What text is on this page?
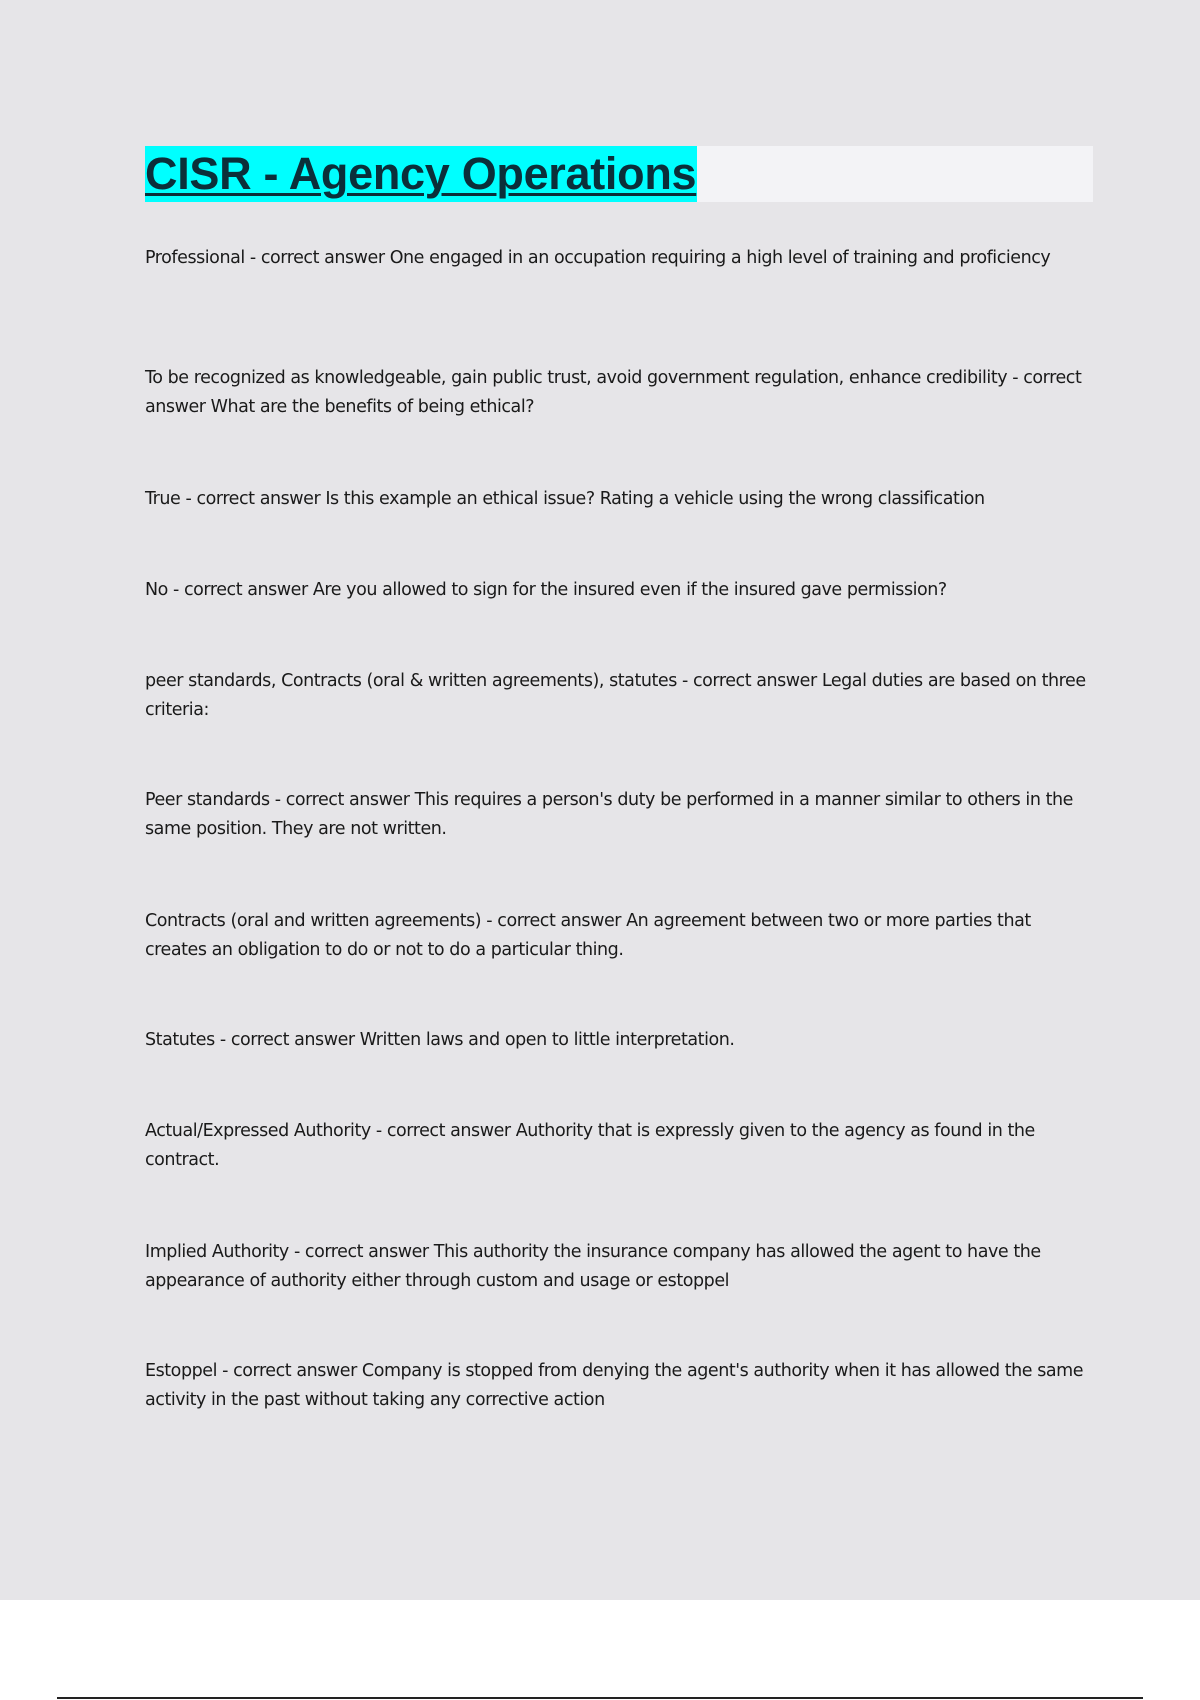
CISR - Agency Operations
Professional - correct answer One engaged in an occupation requiring a high level of training and proficiency
To be recognized as knowledgeable, gain public trust, avoid government regulation, enhance credibility - correct answer What are the benefits of being ethical?
True - correct answer Is this example an ethical issue? Rating a vehicle using the wrong classification
No - correct answer Are you allowed to sign for the insured even if the insured gave permission?
peer standards, Contracts (oral & written agreements), statutes - correct answer Legal duties are based on three criteria:
Peer standards - correct answer This requires a person's duty be performed in a manner similar to others in the same position. They are not written.
Contracts (oral and written agreements) - correct answer An agreement between two or more parties that creates an obligation to do or not to do a particular thing.
Statutes - correct answer Written laws and open to little interpretation.
Actual/Expressed Authority - correct answer Authority that is expressly given to the agency as found in the contract.
Implied Authority - correct answer This authority the insurance company has allowed the agent to have the appearance of authority either through custom and usage or estoppel
Estoppel - correct answer Company is stopped from denying the agent's authority when it has allowed the same activity in the past without taking any corrective action
